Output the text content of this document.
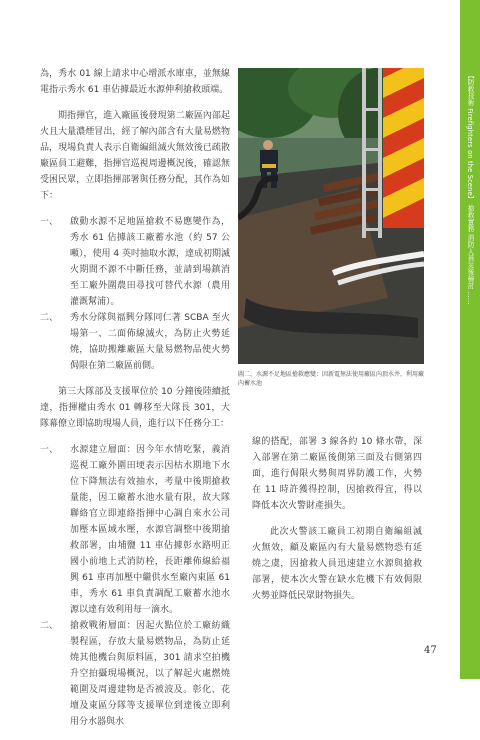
【防救技術 Firefighters on the Scene】 搶救實務 消防人員災後檢討 ……

為，秀水 01 線上請求中心增派水庫車，並無線電指示秀水 61 車佔據最近水源伸利搶救頭端。

期指揮官，進入廠區後發現第二廠區內部起火且大量濃煙冒出，經了解內部含有大量易燃物品，現場負責人表示自衛編組滅火無效後已疏散廠區員工避難，指揮官巡視周邊概況後，確認無受困民眾，立即指揮部署與任務分配，其作為如下：

一、 啟動水源不足地區搶救不易應變作為，秀水 61 佔據該工廠蓄水池（約 57 公噸），使用 4 英吋抽取水源，達成初期滅火期間不源不中斷任務，並請到場鎮消至工廠外圍農田尋找可替代水源（農用灌溉幫浦）。
二、 秀水分隊與福興分隊同仁著 SCBA 至火場第一、二面佈線滅火，為防止火勢延燒，協助搬離廠區大量易燃物品使火勢侷限在第二廠區前側。

第三大隊部及支援單位於 10 分鐘後陸續抵達，指揮權由秀水 01 轉移至大隊長 301，大隊幕僚立即協助現場人員，進行以下任務分工：

一、 水源建立層面：因今年水情吃緊，義消巡視工廠外圍田埂表示因枯水期地下水位下降無法有效抽水，考量中後期搶救量能，因工廠蓄水池水量有限，故大隊聯絡官立即連絡指揮中心調自來水公司加壓本區域水壓，水源官調整中後期搶救部署，由埔鹽 11 車佔據彰水路明正國小前地上式消防栓，長距離佈線給福興 61 車再加壓中繼供水至廠內東區 61 車，秀水 61 車負責調配工廠蓄水池水源以達有效利用每一滴水。
二、 搶救戰術層面：因起火點位於工廠紡織製程區，存放大量易燃物品，為防止延燒其他機台與原料區，301 請求空拍機升空拍攝現場概況，以了解起火處燃燒範圍及周邊建物是否被波及。彰化、花壇及東區分隊等支援單位到達後立即利用分水器與水
圖二、水源不足地區搶救應變：因新電無法使用廠區內頂水井，利用廠內蓄水池

線的搭配，部署 3 線各約 10 條水帶，深入部署在第二廠區後側第三面及右側第四面，進行侷限火勢與周界防護工作，火勢在 11 時許獲得控制，因搶救得宜，得以降低本次火警財產損失。

此次火警該工廠員工初期自衛編組滅火無效，顧及廠區內有大量易燃物恐有延燒之虞，因搶救人員迅速建立水源與搶救部署，使本次火警在缺水危機下有效侷限火勢並降低民眾財物損失。

47
